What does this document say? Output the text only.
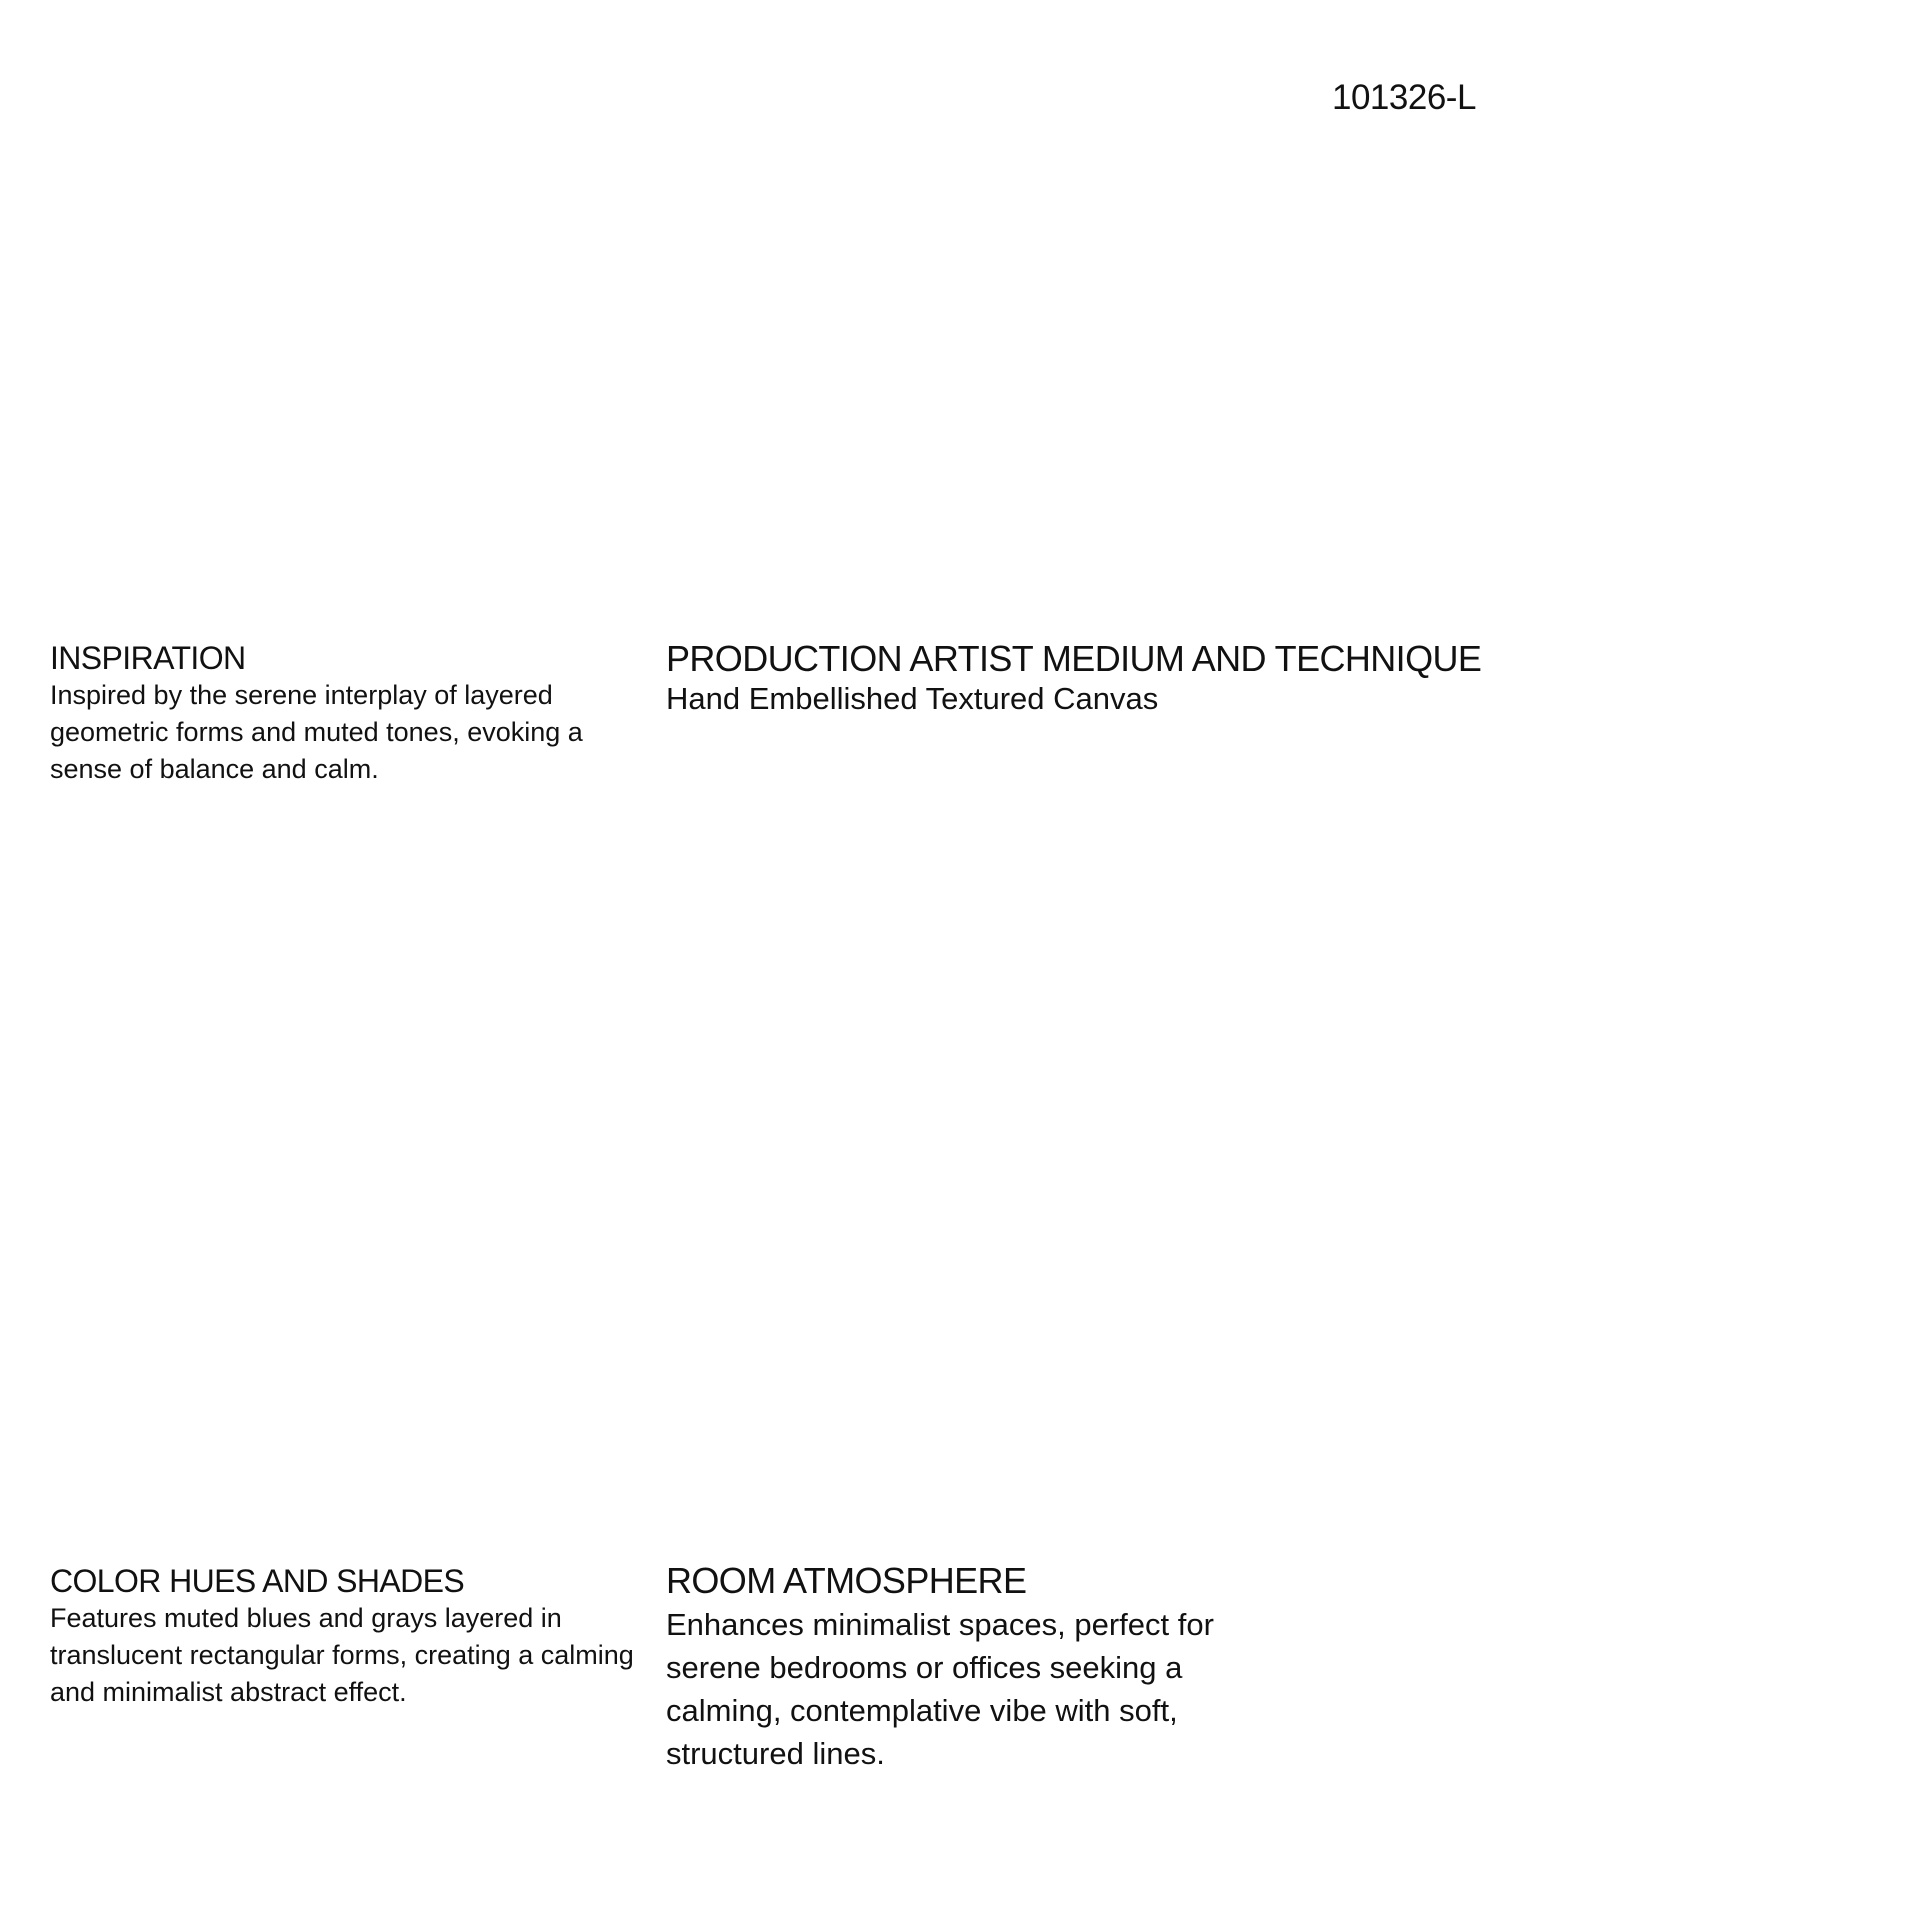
101326-L
INSPIRATION

Inspired by the serene interplay of layered geometric forms and muted tones, evoking a sense of balance and calm.

PRODUCTION ARTIST MEDIUM AND TECHNIQUE

Hand Embellished Textured Canvas

COLOR HUES AND SHADES

Features muted blues and grays layered in translucent rectangular forms, creating a calming and minimalist abstract effect.

ROOM ATMOSPHERE

Enhances minimalist spaces, perfect for serene bedrooms or offices seeking a calming, contemplative vibe with soft, structured lines.
